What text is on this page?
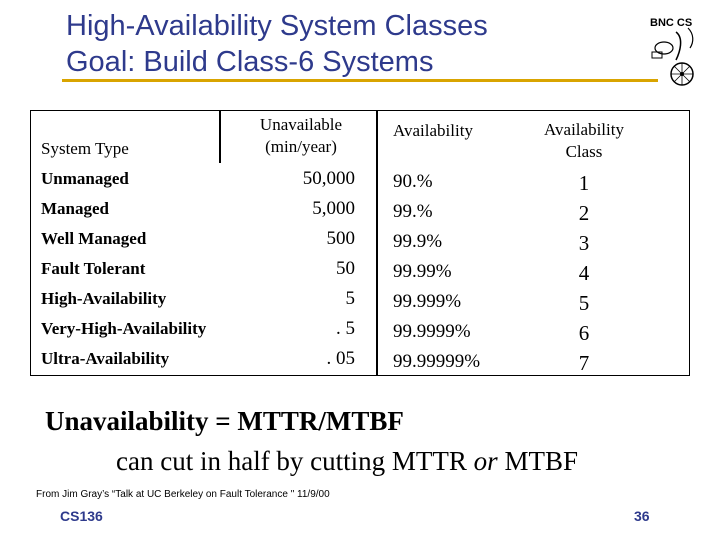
High-Availability System Classes
Goal: Build Class-6 Systems
BNC CS
System Type
Unavailable
(min/year)
Availability	Availability
Class
Unmanaged
Managed
Well Managed
Fault Tolerant
High-Availability
Very-High-Availability
Ultra-Availability
50,000
5,000
500
50
5
. 5
. 05
90.%
99.%
99.9%
99.99%
99.999%
99.9999%
99.99999%
1
2
3
4
5
6
7
Unavailability = MTTR/MTBF
can cut in half by cutting MTTR or MTBF
From Jim Gray’s “Talk at UC Berkeley on Fault Tolerance " 11/9/00
CS136	36
